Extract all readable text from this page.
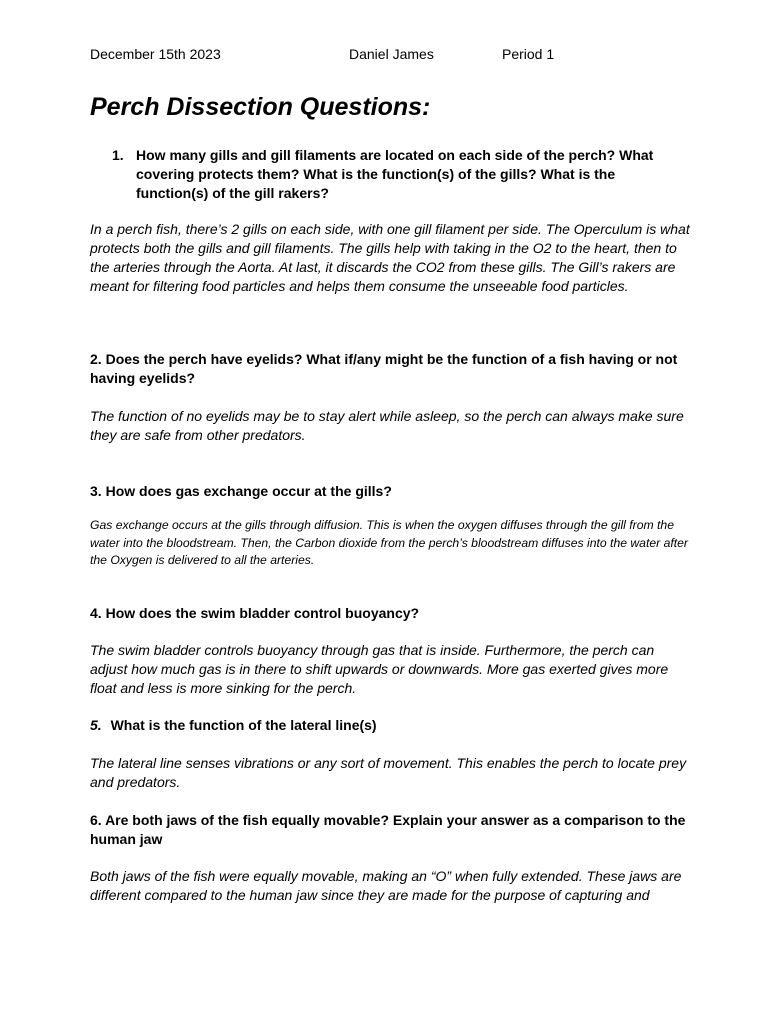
December 15th 2023	Daniel James	Period 1
Perch Dissection Questions:
1. How many gills and gill filaments are located on each side of the perch? What covering protects them? What is the function(s) of the gills? What is the function(s) of the gill rakers?

In a perch fish, there’s 2 gills on each side, with one gill filament per side. The Operculum is what protects both the gills and gill filaments. The gills help with taking in the O2 to the heart, then to the arteries through the Aorta. At last, it discards the CO2 from these gills. The Gill’s rakers are meant for filtering food particles and helps them consume the unseeable food particles.

2. Does the perch have eyelids? What if/any might be the function of a fish having or not having eyelids?

The function of no eyelids may be to stay alert while asleep, so the perch can always make sure they are safe from other predators.

3. How does gas exchange occur at the gills?

Gas exchange occurs at the gills through diffusion. This is when the oxygen diffuses through the gill from the water into the bloodstream. Then, the Carbon dioxide from the perch’s bloodstream diffuses into the water after the Oxygen is delivered to all the arteries.

4. How does the swim bladder control buoyancy?

The swim bladder controls buoyancy through gas that is inside. Furthermore, the perch can adjust how much gas is in there to shift upwards or downwards. More gas exerted gives more float and less is more sinking for the perch.

5. What is the function of the lateral line(s)

The lateral line senses vibrations or any sort of movement. This enables the perch to locate prey and predators.

6. Are both jaws of the fish equally movable? Explain your answer as a comparison to the human jaw

Both jaws of the fish were equally movable, making an “O” when fully extended. These jaws are different compared to the human jaw since they are made for the purpose of capturing and
